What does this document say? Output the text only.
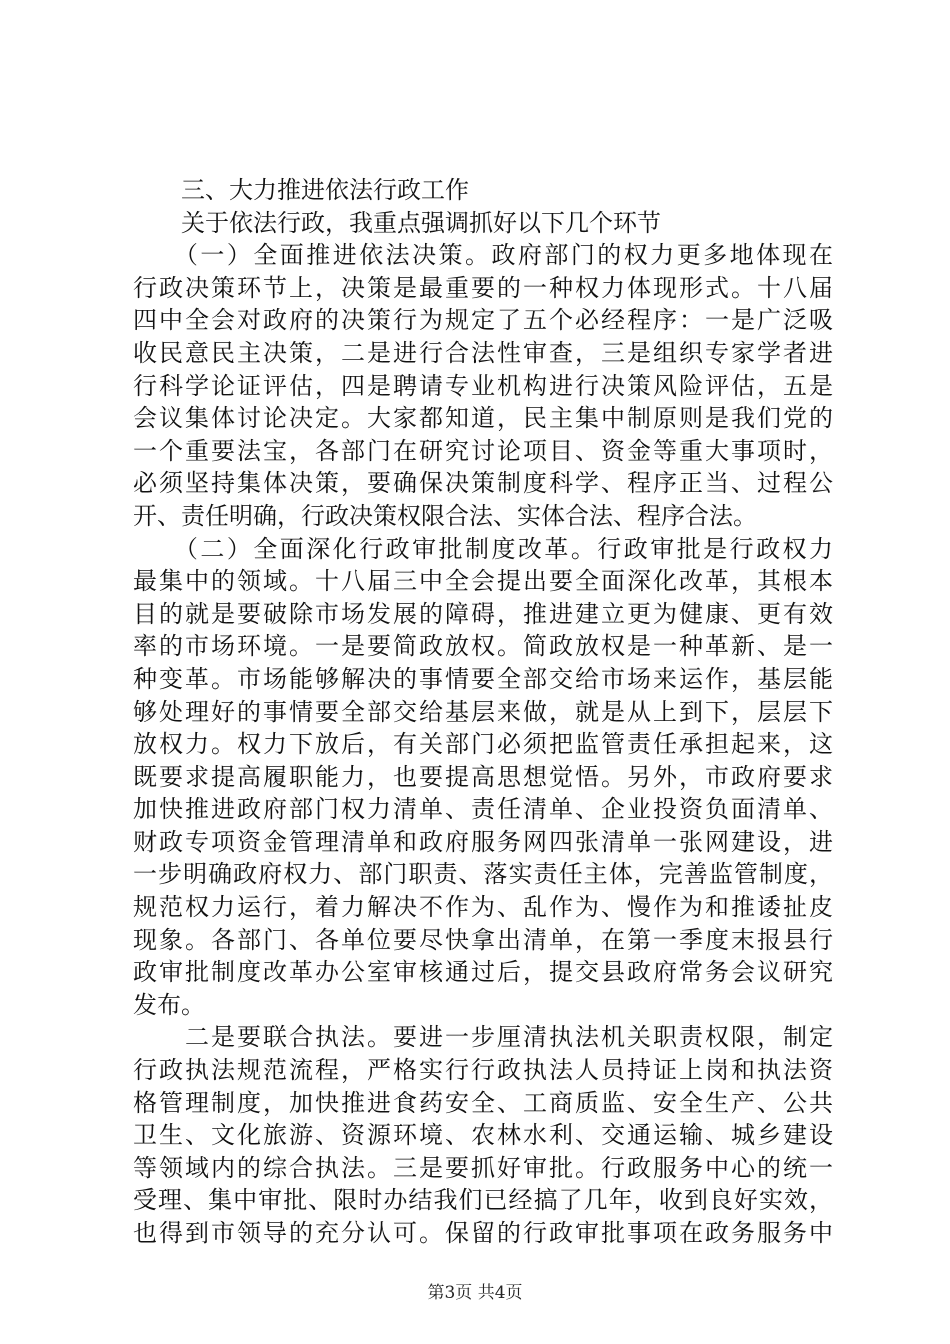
　　三、大力推进依法行政工作
　　关于依法行政，我重点强调抓好以下几个环节
　　（一）全面推进依法决策。政府部门的权力更多地体现在
行政决策环节上，决策是最重要的一种权力体现形式。十八届
四中全会对政府的决策行为规定了五个必经程序：一是广泛吸
收民意民主决策，二是进行合法性审查，三是组织专家学者进
行科学论证评估，四是聘请专业机构进行决策风险评估，五是
会议集体讨论决定。大家都知道，民主集中制原则是我们党的
一个重要法宝，各部门在研究讨论项目、资金等重大事项时，
必须坚持集体决策，要确保决策制度科学、程序正当、过程公
开、责任明确，行政决策权限合法、实体合法、程序合法。
　　（二）全面深化行政审批制度改革。行政审批是行政权力
最集中的领域。十八届三中全会提出要全面深化改革，其根本
目的就是要破除市场发展的障碍，推进建立更为健康、更有效
率的市场环境。一是要简政放权。简政放权是一种革新、是一
种变革。市场能够解决的事情要全部交给市场来运作，基层能
够处理好的事情要全部交给基层来做，就是从上到下，层层下
放权力。权力下放后，有关部门必须把监管责任承担起来，这
既要求提高履职能力，也要提高思想觉悟。另外，市政府要求
加快推进政府部门权力清单、责任清单、企业投资负面清单、
财政专项资金管理清单和政府服务网四张清单一张网建设，进
一步明确政府权力、部门职责、落实责任主体，完善监管制度，
规范权力运行，着力解决不作为、乱作为、慢作为和推诿扯皮
现象。各部门、各单位要尽快拿出清单，在第一季度末报县行
政审批制度改革办公室审核通过后，提交县政府常务会议研究
发布。
　　二是要联合执法。要进一步厘清执法机关职责权限，制定
行政执法规范流程，严格实行行政执法人员持证上岗和执法资
格管理制度，加快推进食药安全、工商质监、安全生产、公共
卫生、文化旅游、资源环境、农林水利、交通运输、城乡建设
等领域内的综合执法。三是要抓好审批。行政服务中心的统一
受理、集中审批、限时办结我们已经搞了几年，收到良好实效，
也得到市领导的充分认可。保留的行政审批事项在政务服务中
第3页 共4页
